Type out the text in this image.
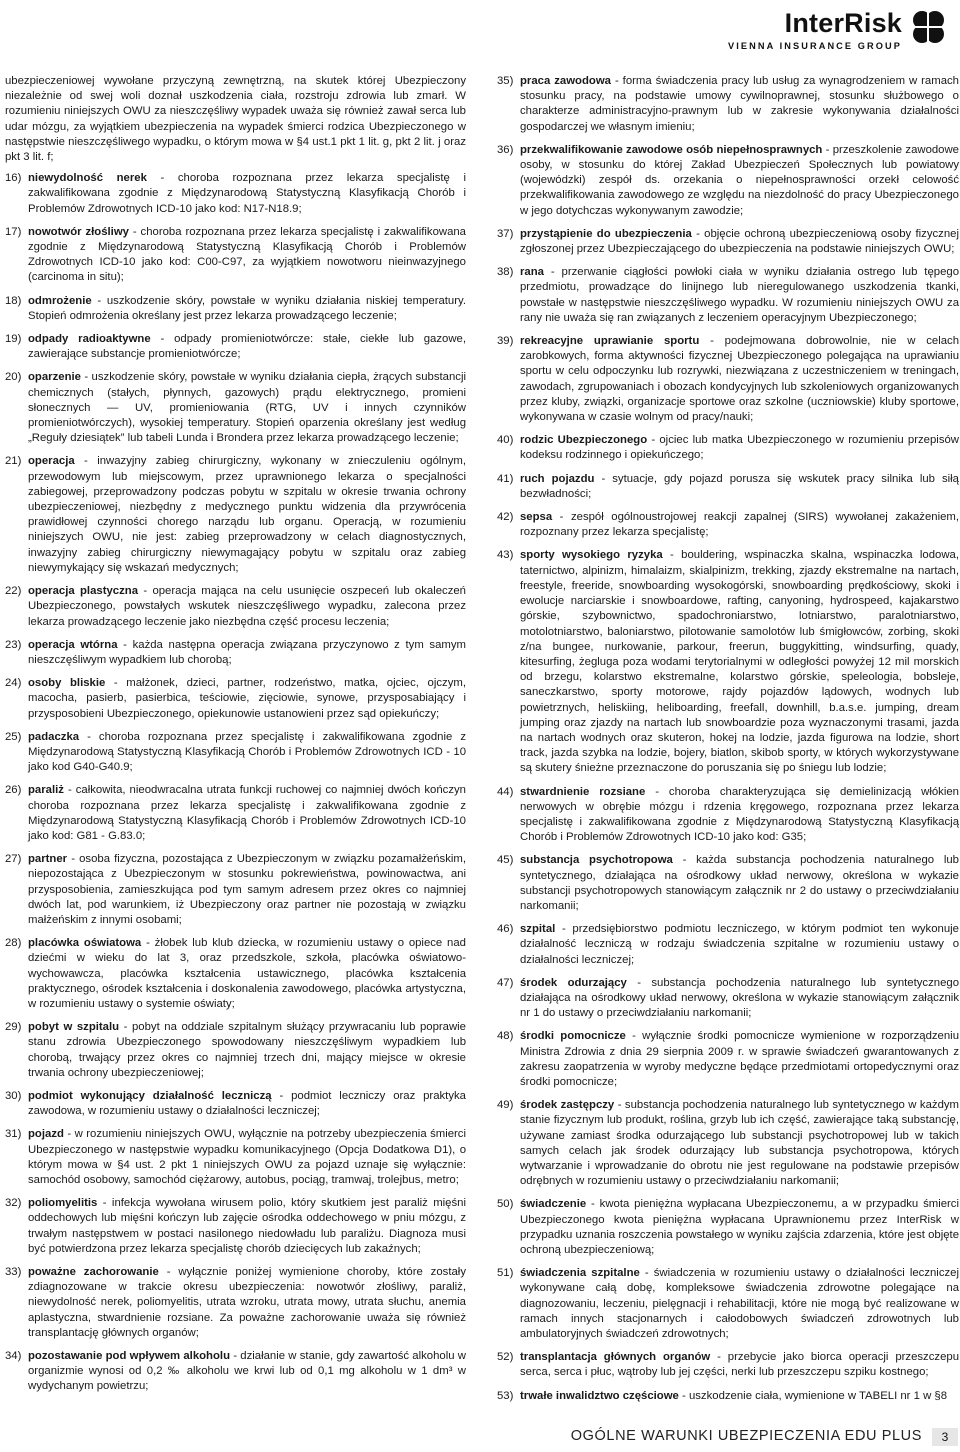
InterRisk
VIENNA INSURANCE GROUP

ubezpieczeniowej wywołane przyczyną zewnętrzną, na skutek której Ubezpieczony niezależnie od swej woli doznał uszkodzenia ciała, rozstroju zdrowia lub zmarł. W rozumieniu niniejszych OWU za nieszczęśliwy wypadek uważa się również zawał serca lub udar mózgu, za wyjątkiem ubezpieczenia na wypadek śmierci rodzica Ubezpieczonego w następstwie nieszczęśliwego wypadku, o którym mowa w §4 ust.1 pkt 1 lit. g, pkt 2 lit. j oraz pkt 3 lit. f;

16) niewydolność nerek - choroba rozpoznana przez lekarza specjalistę i zakwalifikowana zgodnie z Międzynarodową Statystyczną Klasyfikacją Chorób i Problemów Zdrowotnych ICD-10 jako kod: N17-N18.9;
17) nowotwór złośliwy - choroba rozpoznana przez lekarza specjalistę i zakwalifikowana zgodnie z Międzynarodową Statystyczną Klasyfikacją Chorób i Problemów Zdrowotnych ICD-10 jako kod: C00-C97, za wyjątkiem nowotworu nieinwazyjnego (carcinoma in situ);
18) odmrożenie - uszkodzenie skóry, powstałe w wyniku działania niskiej temperatury. Stopień odmrożenia określany jest przez lekarza prowadzącego leczenie;
19) odpady radioaktywne - odpady promieniotwórcze: stałe, ciekłe lub gazowe, zawierające substancje promieniotwórcze;
20) oparzenie - uszkodzenie skóry, powstałe w wyniku działania ciepła, żrących substancji chemicznych (stałych, płynnych, gazowych) prądu elektrycznego, promieni słonecznych — UV, promieniowania (RTG, UV i innych czynników promieniotwórczych), wysokiej temperatury. Stopień oparzenia określany jest według „Reguły dziesiątek” lub tabeli Lunda i Brondera przez lekarza prowadzącego leczenie;
21) operacja - inwazyjny zabieg chirurgiczny, wykonany w zniecz​uleniu ogólnym, przewodowym lub miejscowym, przez uprawnionego lekarza o specjalności zabiegowej, przeprowadzony podczas pobytu w szpitalu w okresie trwania ochrony ubezpieczeniowej, niezbędny z medycznego punktu widzenia dla przywrócenia prawidłowej czynności chorego narządu lub organu. Operacją, w rozumieniu niniejszych OWU, nie jest: zabieg przeprowadzony w celach diagnostycznych, inwazyjny zabieg chirurgiczny niewymagający pobytu w szpitalu oraz zabieg niewymykający się wskazań medycznych;
22) operacja plastyczna - operacja mająca na celu usunięcie oszpeceń lub okaleczeń Ubezpieczonego, powstałych wskutek nieszczęśliwego wypadku, zalecona przez lekarza prowadzącego leczenie jako niezbędna część procesu leczenia;
23) operacja wtórna - każda następna operacja związana przyczynowo z tym samym nieszczęśliwym wypadkiem lub chorobą;
24) osoby bliskie - małżonek, dzieci, partner, rodzeństwo, matka, ojciec, ojczym, macocha, pasierb, pasierbica, teściowie, zięciowie, synowe, przysposabiający i przysposobieni Ubezpieczonego, opiekunowie ustanowieni przez sąd opiekuńczy;
25) padaczka - choroba rozpoznana przez specjalistę i zakwalifikowana zgodnie z Międzynarodową Statystyczną Klasyfikacją Chorób i Problemów Zdrowotnych ICD - 10 jako kod G40-G40.9;
26) paraliż - całkowita, nieodwracalna utrata funkcji ruchowej co najmniej dwóch kończyn choroba rozpoznana przez lekarza specjalistę i zakwalifikowana zgodnie z Międzynarodową Statystyczną Klasyfikacją Chorób i Problemów Zdrowotnych ICD-10 jako kod: G81 - G.83.0;
27) partner - osoba fizyczna, pozostająca z Ubezpieczonym w związku pozamałżeńskim, niepozostająca z Ubezpieczonym w stosunku pokrewieństwa, powinowactwa, ani przysposobienia, zamieszkująca pod tym samym adresem przez okres co najmniej dwóch lat, pod warunkiem, iż Ubezpieczony oraz partner nie pozostają w związku małżeńskim z innymi osobami;
28) placówka oświatowa - żłobek lub klub dziecka, w rozumieniu ustawy o opiece nad dziećmi w wieku do lat 3, oraz przedszkole, szkoła, placówka oświatowo-wychowawcza, placówka kształcenia ustawicznego, placówka kształcenia praktycznego, ośrodek kształcenia i doskonalenia zawodowego, placówka artystyczna, w rozumieniu ustawy o systemie oświaty;
29) pobyt w szpitalu - pobyt na oddziale szpitalnym służący przywracaniu lub poprawie stanu zdrowia Ubezpieczonego spowodowany nieszczęśliwym wypadkiem lub chorobą, trwający przez okres co najmniej trzech dni, mający miejsce w okresie trwania ochrony ubezpieczeniowej;
30) podmiot wykonujący działalność leczniczą - podmiot leczniczy oraz praktyka zawodowa, w rozumieniu ustawy o działalności leczniczej;
31) pojazd - w rozumieniu niniejszych OWU, wyłącznie na potrzeby ubezpieczenia śmierci Ubezpieczonego w następstwie wypadku komunikacyjnego (Opcja Dodatkowa D1), o którym mowa w §4 ust. 2 pkt 1 niniejszych OWU za pojazd uznaje się wyłącznie: samochód osobowy, samochód ciężarowy, autobus, pociąg, tramwaj, trolejbus, metro;
32) poliomyelitis - infekcja wywołana wirusem polio, który skutkiem jest paraliż mięśni oddechowych lub mięśni kończyn lub zajęcie ośrodka oddechowego w pniu mózgu, z trwałym następstwem w postaci nasilonego niedowładu lub paraliżu. Diagnoza musi być potwierdzona przez lekarza specjalistę chorób dziecięcych lub zakaźnych;
33) poważne zachorowanie - wyłącznie poniżej wymienione choroby, które zostały zdiagnozowane w trakcie okresu ubezpieczenia: nowotwór złośliwy, paraliż, niewydolność nerek, poliomyelitis, utrata wzroku, utrata mowy, utrata słuchu, anemia aplastyczna, stwardnienie rozsiane. Za poważne zachorowanie uważa się również transplantację głównych organów;
34) pozostawanie pod wpływem alkoholu - działanie w stanie, gdy zawartość alkoholu w organizmie wynosi od 0,2 ‰ alkoholu we krwi lub od 0,1 mg alkoholu w 1 dm³ w wydychanym powietrzu;
35) praca zawodowa - forma świadczenia pracy lub usług za wynagrodzeniem w ramach stosunku pracy, na podstawie umowy cywilnoprawnej, stosunku służbowego o charakterze administracyjno-prawnym lub w zakresie wykonywania działalności gospodarczej we własnym imieniu;
36) przekwalifikowanie zawodowe osób niepełnosprawnych - przeszkolenie zawodowe osoby, w stosunku do której Zakład Ubezpieczeń Społecznych lub powiatowy (wojewódzki) zespół ds. orzekania o niepełnosprawności orzekł celowość przekwalifikowania zawodowego ze względu na niezdolność do pracy Ubezpieczonego w jego dotychczas wykonywanym zawodzie;
37) przystąpienie do ubezpieczenia - objęcie ochroną ubezpieczeniową osoby fizycznej zgłoszonej przez Ubezpieczającego do ubezpieczenia na podstawie niniejszych OWU;
38) rana - przerwanie ciągłości powłoki ciała w wyniku działania ostrego lub tępego przedmiotu, prowadzące do linijnego lub nieregulowanego uszkodzenia tkanki, powstałe w następstwie nieszczęśliwego wypadku. W rozumieniu niniejszych OWU za rany nie uważa się ran związanych z leczeniem operacyjnym Ubezpieczonego;
39) rekreacyjne uprawianie sportu - podejmowana dobrowolnie, nie w celach zarobkowych, forma aktywności fizycznej Ubezpieczonego polegająca na uprawianiu sportu w celu odpoczynku lub rozrywki, niezwiązana z uczestniczeniem w treningach, zawodach, zgrupowaniach i obozach kondycyjnych lub szkoleniowych organizowanych przez kluby, związki, organizacje sportowe oraz szkolne (uczniowskie) kluby sportowe, wykonywana w czasie wolnym od pracy/nauki;
40) rodzic Ubezpieczonego - ojciec lub matka Ubezpieczonego w rozumieniu przepisów kodeksu rodzinnego i opiekuńczego;
41) ruch pojazdu - sytuacje, gdy pojazd porusza się wskutek pracy silnika lub siłą bezwładności;
42) sepsa - zespół ogólnoustrojowej reakcji zapalnej (SIRS) wywołanej zakażeniem, rozpoznany przez lekarza specjalistę;
43) sporty wysokiego ryzyka - bouldering, wspinaczka skalna, wspinaczka lodowa, taternictwo, alpinizm, himalaizm, skialpinizm, trekking, zjazdy ekstremalne na nartach, freestyle, freeride, snowboarding wysokogórski, snowboarding prędkościowy, skoki i ewolucje narciarskie i snowboardowe, rafting, canyoning, hydrospeed, kajakarstwo górskie, szybownictwo, spadochroniarstwo, lotniarstwo, paralotniarstwo, motolotniarstwo, baloniarstwo, pilotowanie samolotów lub śmigłowców, zorbing, skoki z/na bungee, nurkowanie, parkour, freerun, buggykitting, windsurfing, quady, kitesurfing, żegluga poza wodami terytorialnymi w odległości powyżej 12 mil morskich od brzegu, kolarstwo ekstremalne, kolarstwo górskie, speleologia, bobsleje, saneczkarstwo, sporty motorowe, rajdy pojazdów lądowych, wodnych lub powietrznych, heliskiing, heliboarding, freefall, downhill, b.a.s.e. jumping, dream jumping oraz zjazdy na nartach lub snowboardzie poza wyznaczonymi trasami, jazda na nartach wodnych oraz skuteron, hokej na lodzie, jazda figurowa na lodzie, short track, jazda szybka na lodzie, bojery, biatlon, skibob sporty, w których wykorzystywane są skutery śnieżne przeznaczone do poruszania się po śniegu lub lodzie;
44) stwardnienie rozsiane - choroba charakteryzująca się demielinizacją włókien nerwowych w obrębie mózgu i rdzenia kręgowego, rozpoznana przez lekarza specjalistę i zakwalifikowana zgodnie z Międzynarodową Statystyczną Klasyfikacją Chorób i Problemów Zdrowotnych ICD-10 jako kod: G35;
45) substancja psychotropowa - każda substancja pochodzenia naturalnego lub syntetycznego, działająca na ośrodkowy układ nerwowy, określona w wykazie substancji psychotropowych stanowiącym załącznik nr 2 do ustawy o przeciwdziałaniu narkomanii;
46) szpital - przedsiębiorstwo podmiotu leczniczego, w którym podmiot ten wykonuje działalność leczniczą w rodzaju świadczenia szpitalne w rozumieniu ustawy o działalności leczniczej;
47) środek odurzający - substancja pochodzenia naturalnego lub syntetycznego działająca na ośrodkowy układ nerwowy, określona w wykazie stanowiącym załącznik nr 1 do ustawy o przeciwdziałaniu narkomanii;
48) środki pomocnicze - wyłącznie środki pomocnicze wymienione w rozporządzeniu Ministra Zdrowia z dnia 29 sierpnia 2009 r. w sprawie świadczeń gwarantowanych z zakresu zaopatrzenia w wyroby medyczne będące przedmiotami ortopedycznymi oraz środki pomocnicze;
49) środek zastępczy - substancja pochodzenia naturalnego lub syntetycznego w każdym stanie fizycznym lub produkt, roślina, grzyb lub ich część, zawierające taką substancję, używane zamiast środka odurzającego lub substancji psychotropowej lub w takich samych celach jak środek odurzający lub substancja psychotropowa, których wytwarzanie i wprowadzanie do obrotu nie jest regulowane na podstawie przepisów odrębnych w rozumieniu ustawy o przeciwdziałaniu narkomanii;
50) świadczenie - kwota pieniężna wypłacana Ubezpieczonemu, a w przypadku śmierci Ubezpieczonego kwota pieniężna wypłacana Uprawnionemu przez InterRisk w przypadku uznania roszczenia powstałego w wyniku zajścia zdarzenia, które jest objęte ochroną ubezpieczeniową;
51) świadczenia szpitalne - świadczenia w rozumieniu ustawy o działalności leczniczej wykonywane całą dobę, kompleksowe świadczenia zdrowotne polegające na diagnozowaniu, leczeniu, pielęgnacji i rehabilitacji, które nie mogą być realizowane w ramach innych stacjonarnych i całodobowych świadczeń zdrowotnych lub ambulatoryjnych świadczeń zdrowotnych;
52) transplantacja głównych organów - przebycie jako biorca operacji przeszczepu serca, serca i płuc, wątroby lub jej części, nerki lub przeszczepu szpiku kostnego;
53) trwałe inwalidztwo częściowe - uszkodzenie ciała, wymienione w TABELI nr 1 w §8
OGÓLNE WARUNKI UBEZPIECZENIA EDU PLUS	3
